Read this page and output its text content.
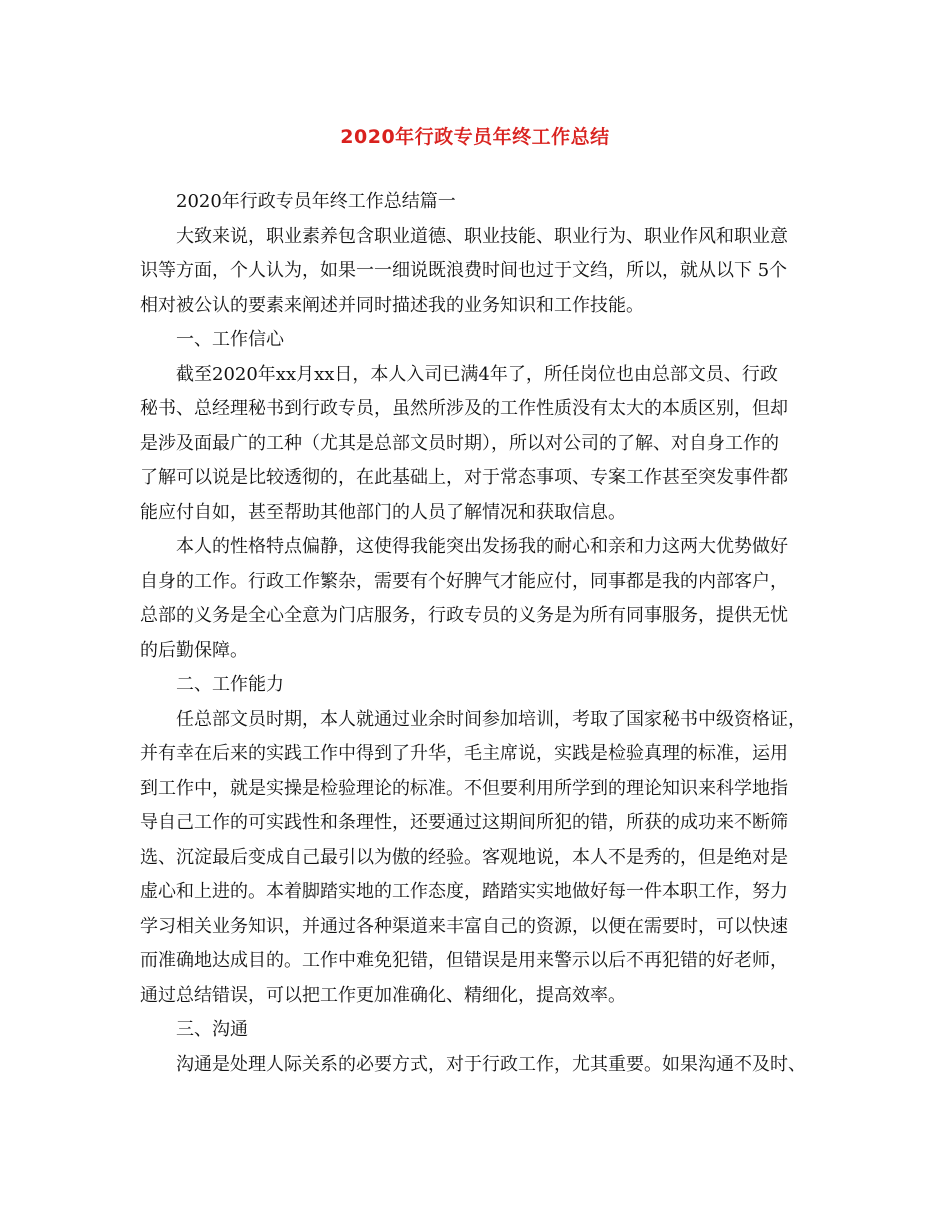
2020年行政专员年终工作总结
2020年行政专员年终工作总结篇一
大致来说，职业素养包含职业道德、职业技能、职业行为、职业作风和职业意
识等方面，个人认为，如果一一细说既浪费时间也过于文绉，所以，就从以下 5个
相对被公认的要素来阐述并同时描述我的业务知识和工作技能。
一、工作信心
截至2020年xx月xx日，本人入司已满4年了，所任岗位也由总部文员、行政
秘书、总经理秘书到行政专员，虽然所涉及的工作性质没有太大的本质区别，但却
是涉及面最广的工种（尤其是总部文员时期），所以对公司的了解、对自身工作的
了解可以说是比较透彻的，在此基础上，对于常态事项、专案工作甚至突发事件都
能应付自如，甚至帮助其他部门的人员了解情况和获取信息。
本人的性格特点偏静，这使得我能突出发扬我的耐心和亲和力这两大优势做好
自身的工作。行政工作繁杂，需要有个好脾气才能应付，同事都是我的内部客户，
总部的义务是全心全意为门店服务，行政专员的义务是为所有同事服务，提供无忧
的后勤保障。
二、工作能力
任总部文员时期，本人就通过业余时间参加培训，考取了国家秘书中级资格证，
并有幸在后来的实践工作中得到了升华，毛主席说，实践是检验真理的标准，运用
到工作中，就是实操是检验理论的标准。不但要利用所学到的理论知识来科学地指
导自己工作的可实践性和条理性，还要通过这期间所犯的错，所获的成功来不断筛
选、沉淀最后变成自己最引以为傲的经验。客观地说，本人不是秀的，但是绝对是
虚心和上进的。本着脚踏实地的工作态度，踏踏实实地做好每一件本职工作，努力
学习相关业务知识，并通过各种渠道来丰富自己的资源，以便在需要时，可以快速
而准确地达成目的。工作中难免犯错，但错误是用来警示以后不再犯错的好老师，
通过总结错误，可以把工作更加准确化、精细化，提高效率。
三、沟通
沟通是处理人际关系的必要方式，对于行政工作，尤其重要。如果沟通不及时、
